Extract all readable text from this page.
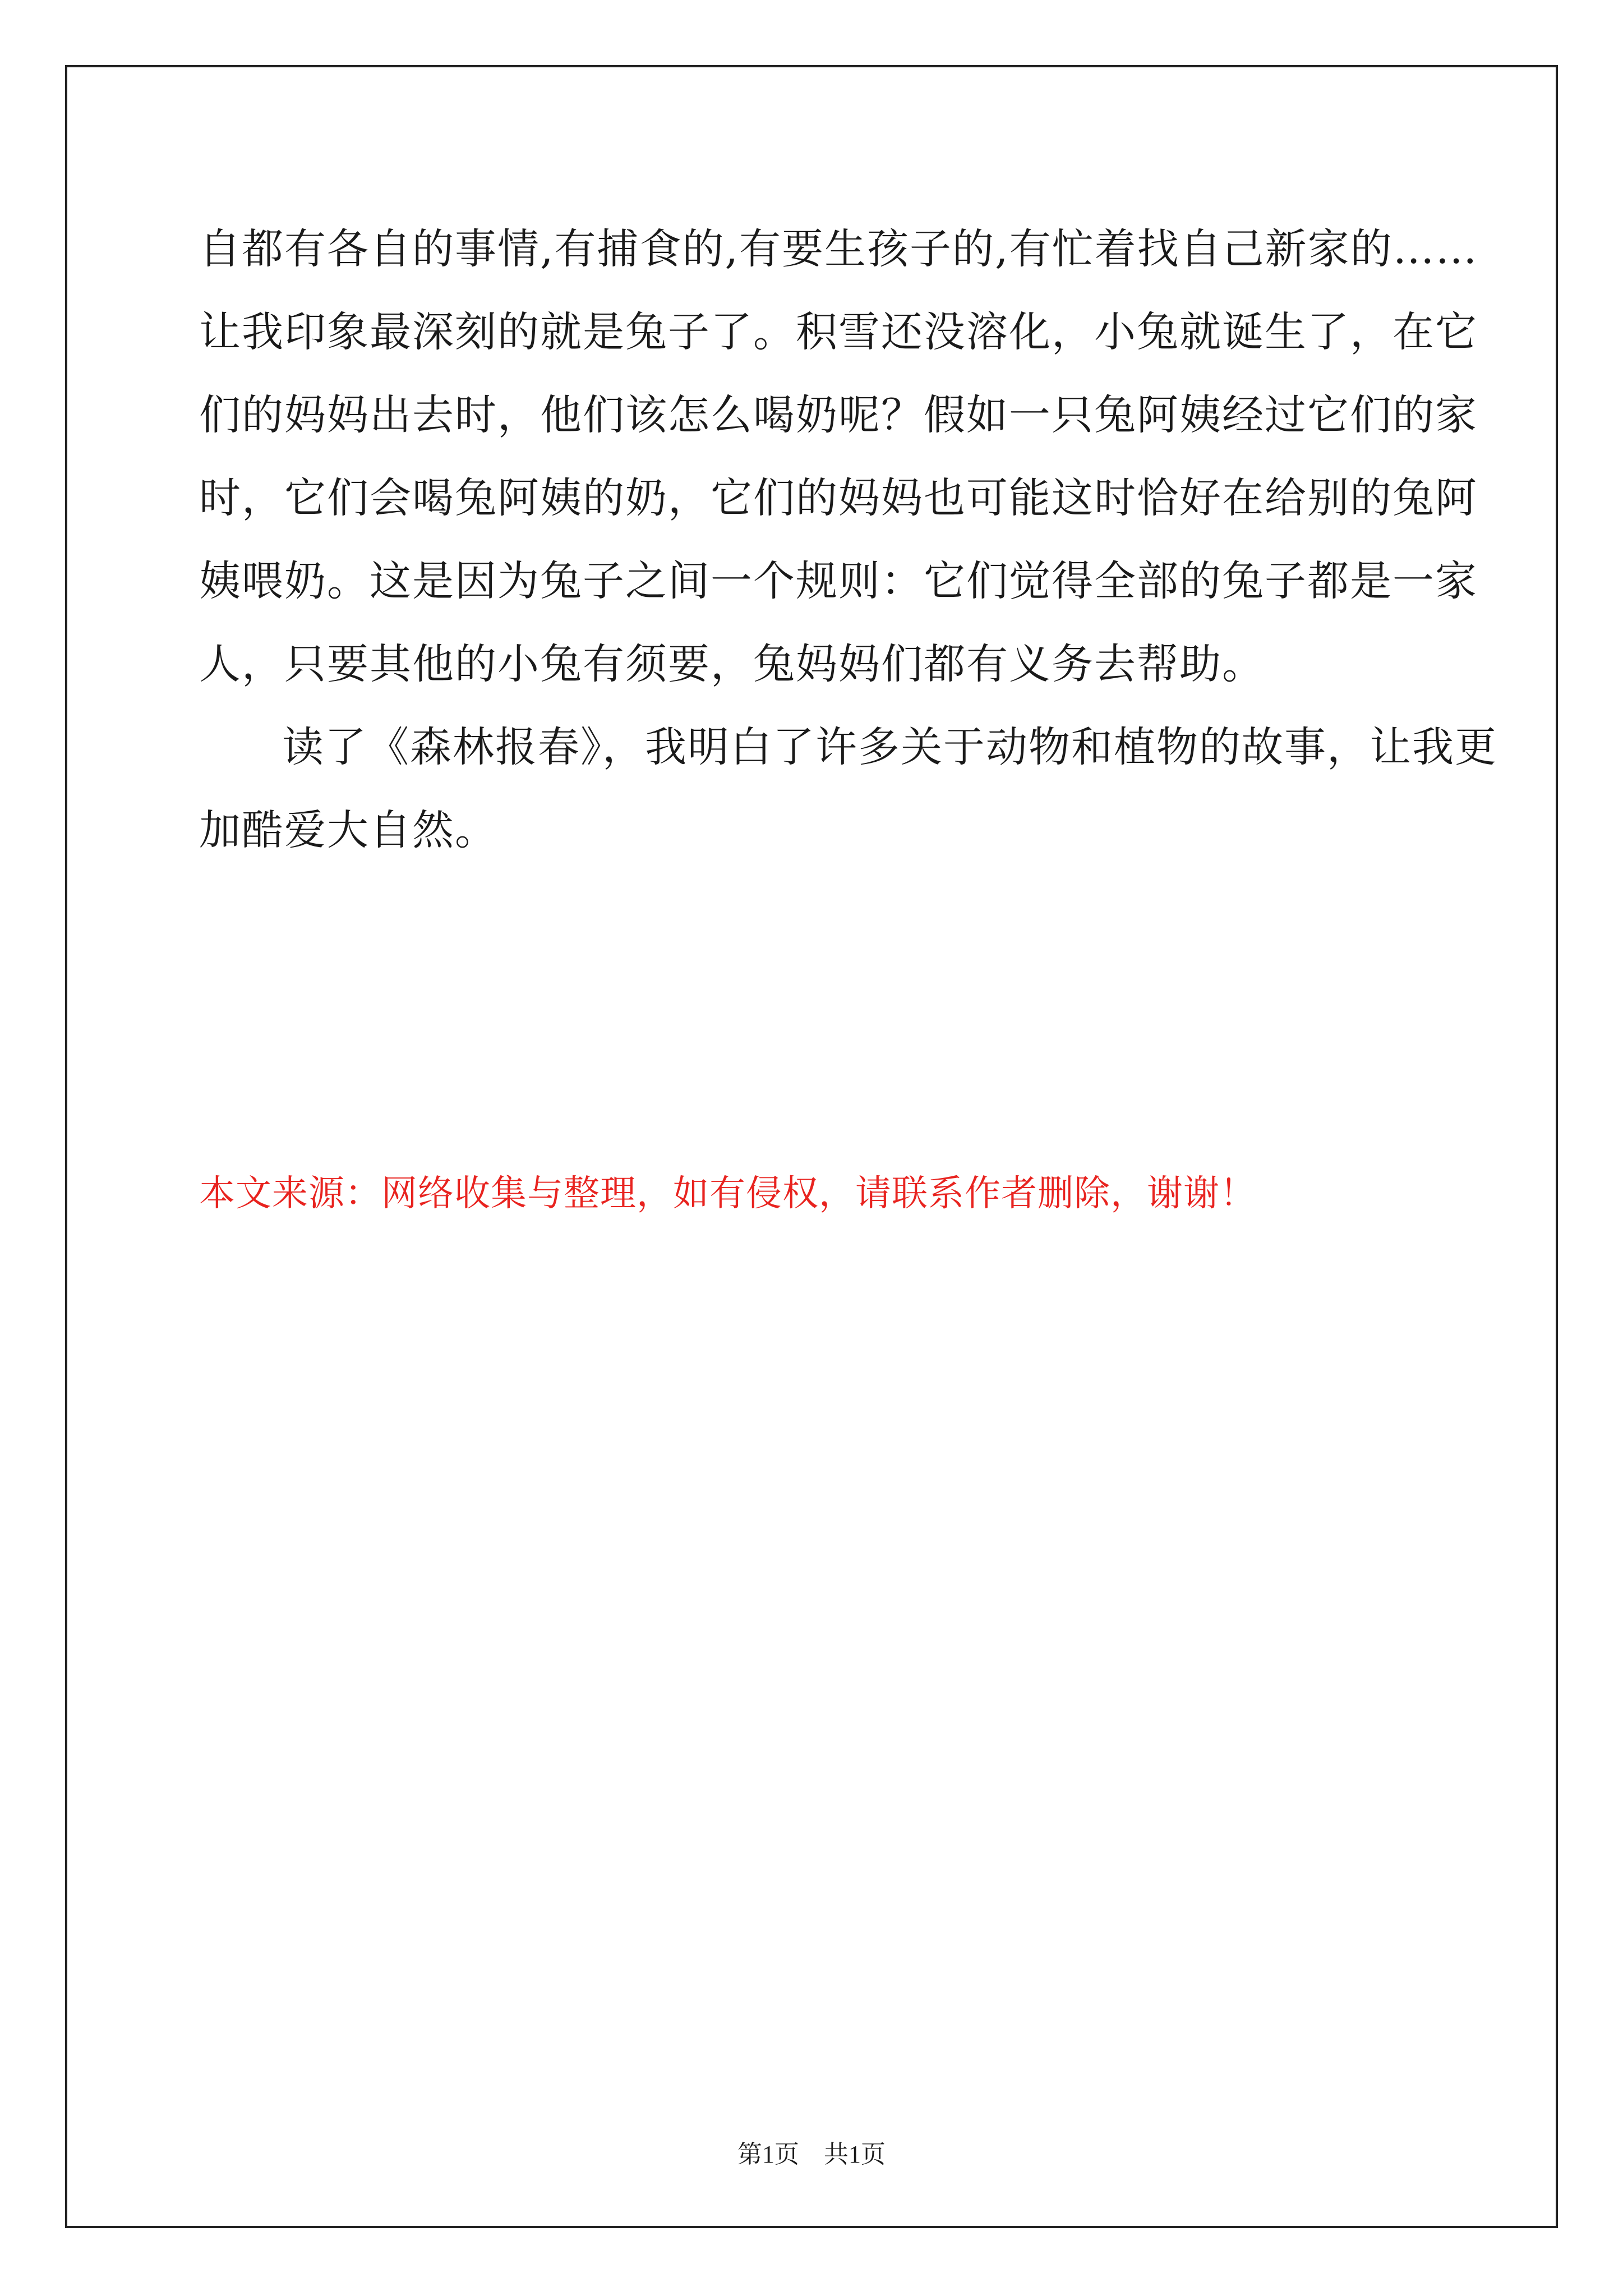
自都有各自的事情,有捕食的,有要生孩子的,有忙着找自己新家的……
让我印象最深刻的就是兔子了。积雪还没溶化，小兔就诞生了，在它
们的妈妈出去时，他们该怎么喝奶呢？假如一只兔阿姨经过它们的家
时，它们会喝兔阿姨的奶，它们的妈妈也可能这时恰好在给别的兔阿
姨喂奶。这是因为兔子之间一个规则：它们觉得全部的兔子都是一家
人，只要其他的小兔有须要，兔妈妈们都有义务去帮助。
读了《森林报春》，我明白了许多关于动物和植物的故事，让我更
加酷爱大自然。
本文来源：网络收集与整理，如有侵权，请联系作者删除，谢谢！
第1页　共1页
